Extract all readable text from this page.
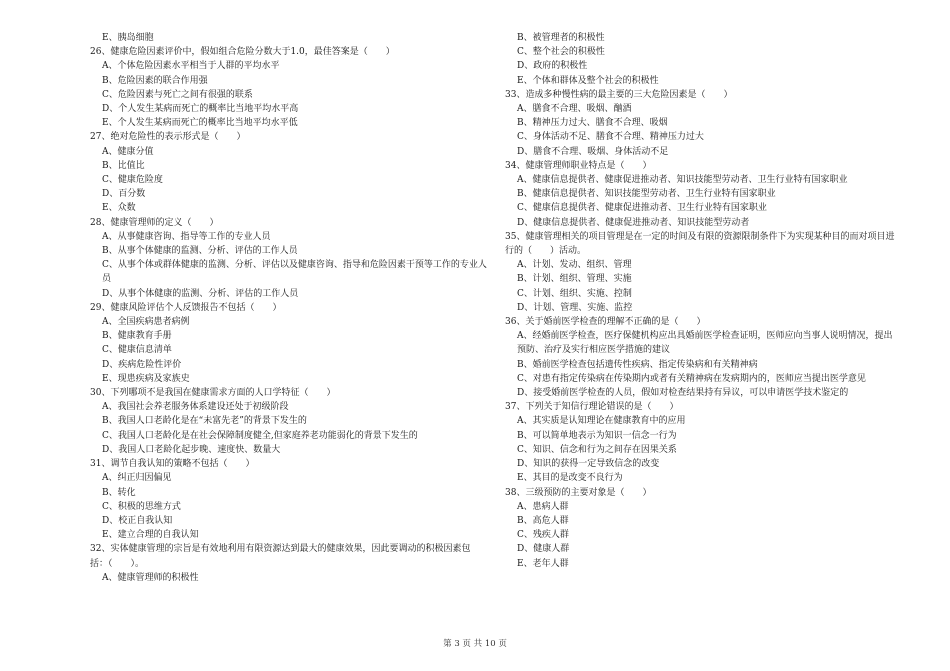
E、胰岛细胞

26、健康危险因素评价中，假如组合危险分数大于1.0，最佳答案是（　　）

A、个体危险因素水平相当于人群的平均水平

B、危险因素的联合作用强

C、危险因素与死亡之间有很强的联系

D、个人发生某病而死亡的概率比当地平均水平高

E、个人发生某病而死亡的概率比当地平均水平低

27、绝对危险性的表示形式是（　　）

A、健康分值

B、比值比

C、健康危险度

D、百分数

E、众数

28、健康管理师的定义（　　）

A、从事健康咨询、指导等工作的专业人员

B、从事个体健康的监测、分析、评估的工作人员

C、从事个体或群体健康的监测、分析、评估以及健康咨询、指导和危险因素干预等工作的专业人员

D、从事个体健康的监测、分析、评估的工作人员

29、健康风险评估个人反馈报告不包括（　　）

A、全国疾病患者病例

B、健康教育手册

C、健康信息清单

D、疾病危险性评价

E、现患疾病及家族史

30、下列哪项不是我国在健康需求方面的人口学特征（　　）

A、我国社会养老服务体系建设还处于初级阶段

B、我国人口老龄化是在“未富先老”的背景下发生的

C、我国人口老龄化是在社会保障制度健全,但家庭养老功能弱化的背景下发生的

D、我国人口老龄化起步晚、速度快、数量大

31、调节自我认知的策略不包括（　　）

A、纠正归因偏见

B、转化

C、积极的思维方式

D、校正自我认知

E、建立合理的自我认知

32、实体健康管理的宗旨是有效地利用有限资源达到最大的健康效果，因此要调动的积极因素包括：（　　）。

A、健康管理师的积极性

B、被管理者的积极性

C、整个社会的积极性

D、政府的积极性

E、个体和群体及整个社会的积极性

33、造成多种慢性病的最主要的三大危险因素是（　　）

A、膳食不合理、吸烟、酗酒

B、精神压力过大、膳食不合理、吸烟

C、身体活动不足、膳食不合理、精神压力过大

D、膳食不合理、吸烟、身体活动不足

34、健康管理师职业特点是（　　）

A、健康信息提供者、健康促进推动者、知识技能型劳动者、卫生行业特有国家职业

B、健康信息提供者、知识技能型劳动者、卫生行业特有国家职业

C、健康信息提供者、健康促进推动者、卫生行业特有国家职业

D、健康信息提供者、健康促进推动者、知识技能型劳动者

35、健康管理相关的项目管理是在一定的时间及有限的资源限制条件下为实现某种目的而对项目进行的（　　）活动。

A、计划、发动、组织、管理

B、计划、组织、管理、实施

C、计划、组织、实施、控制

D、计划、管理、实施、监控

36、关于婚前医学检查的理解不正确的是（　　）

A、经婚前医学检查，医疗保健机构应出具婚前医学检查证明，医师应向当事人说明情况，提出预防、治疗及实行相应医学措施的建议

B、婚前医学检查包括遗传性疾病、指定传染病和有关精神病

C、对患有指定传染病在传染期内或者有关精神病在发病期内的，医师应当提出医学意见

D、接受婚前医学检查的人员，假如对检查结果持有异议，可以申请医学技术鉴定的

37、下列关于知信行理论错误的是（　　）

A、其实质是认知理论在健康教育中的应用

B、可以简单地表示为知识一信念一行为

C、知识、信念和行为之间存在因果关系

D、知识的获得一定导致信念的改变

E、其目的是改变不良行为

38、三级预防的主要对象是（　　）

A、患病人群

B、高危人群

C、残疾人群

D、健康人群

E、老年人群

第 3 页 共 10 页
